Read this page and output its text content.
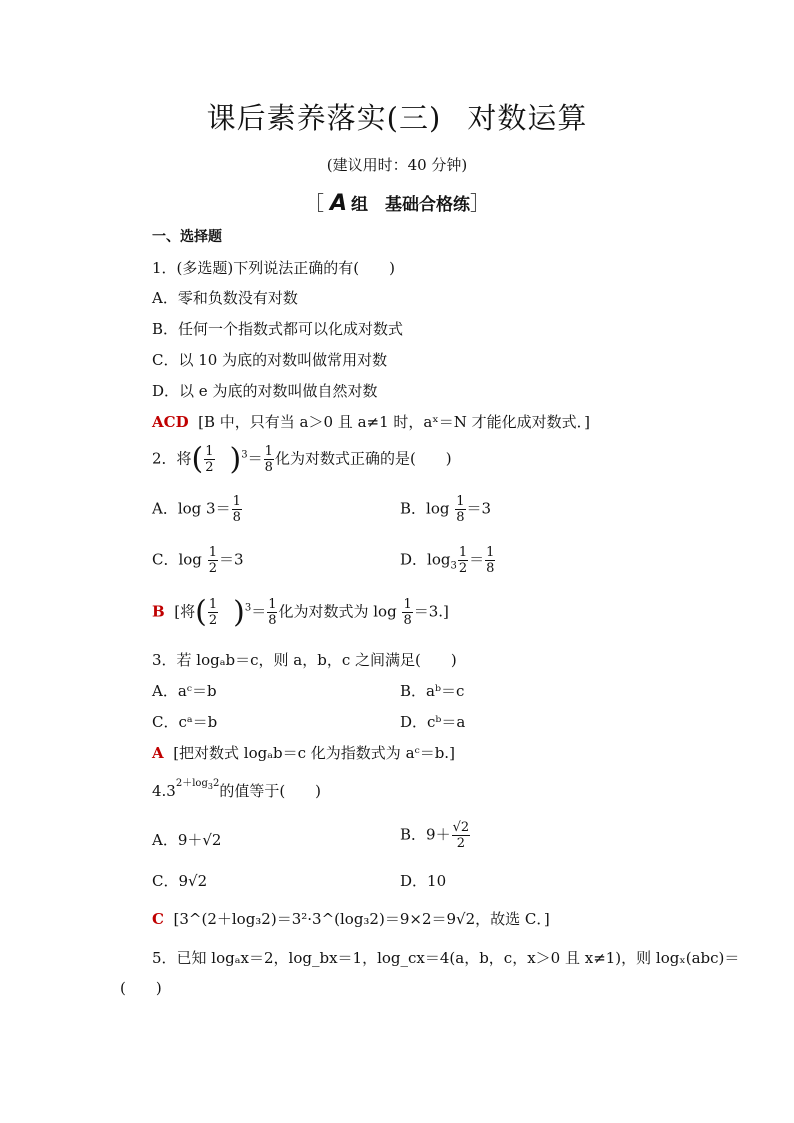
课后素养落实(三) 对数运算
(建议用时：40 分钟)
［ A 组　基础合格练］
一、选择题
1．(多选题)下列说法正确的有(　　)
A．零和负数没有对数
B．任何一个指数式都可以化成对数式
C．以 10 为底的对数叫做常用对数
D．以 e 为底的对数叫做自然对数
ACD [B 中，只有当 a＞0 且 a≠1 时，aˣ＝N 才能化成对数式．]
2．将( $\frac{1}{2} )^3= \frac{1}{8}$ 化为对数式正确的是(　　)
A．$\log 3= \frac{1}{8}$	B．$\log \frac{1}{8} =3$
C．$\log \frac{1}{2} =3$	D．$\log_3 \frac{1}{2} = \frac{1}{8}$
B [将( $\frac{1}{2} )^3= \frac{1}{8}$ 化为对数式为 $\log \frac{1}{8} =3$.]
3．若 logₐb＝c，则 a，b，c 之间满足(　　)
A．aᶜ＝b	B．aᵇ＝c
C．cᵃ＝b	D．cᵇ＝a
A [把对数式 logₐb＝c 化为指数式为 aᶜ＝b.]
$4.3^{2+log_32}$的值等于(　　)
A．9＋√2	B．$9+ \frac{√2}{2}$
C．9√2	D．10
C [3^(2＋log₃2)＝3²·3^(log₃2)＝9×2＝9√2，故选 C．]
5．已知 logₐx＝2，log_bx＝1，log_cx＝4(a，b，c，x＞0 且 x≠1)，则 logₓ(abc)＝
(　　)
